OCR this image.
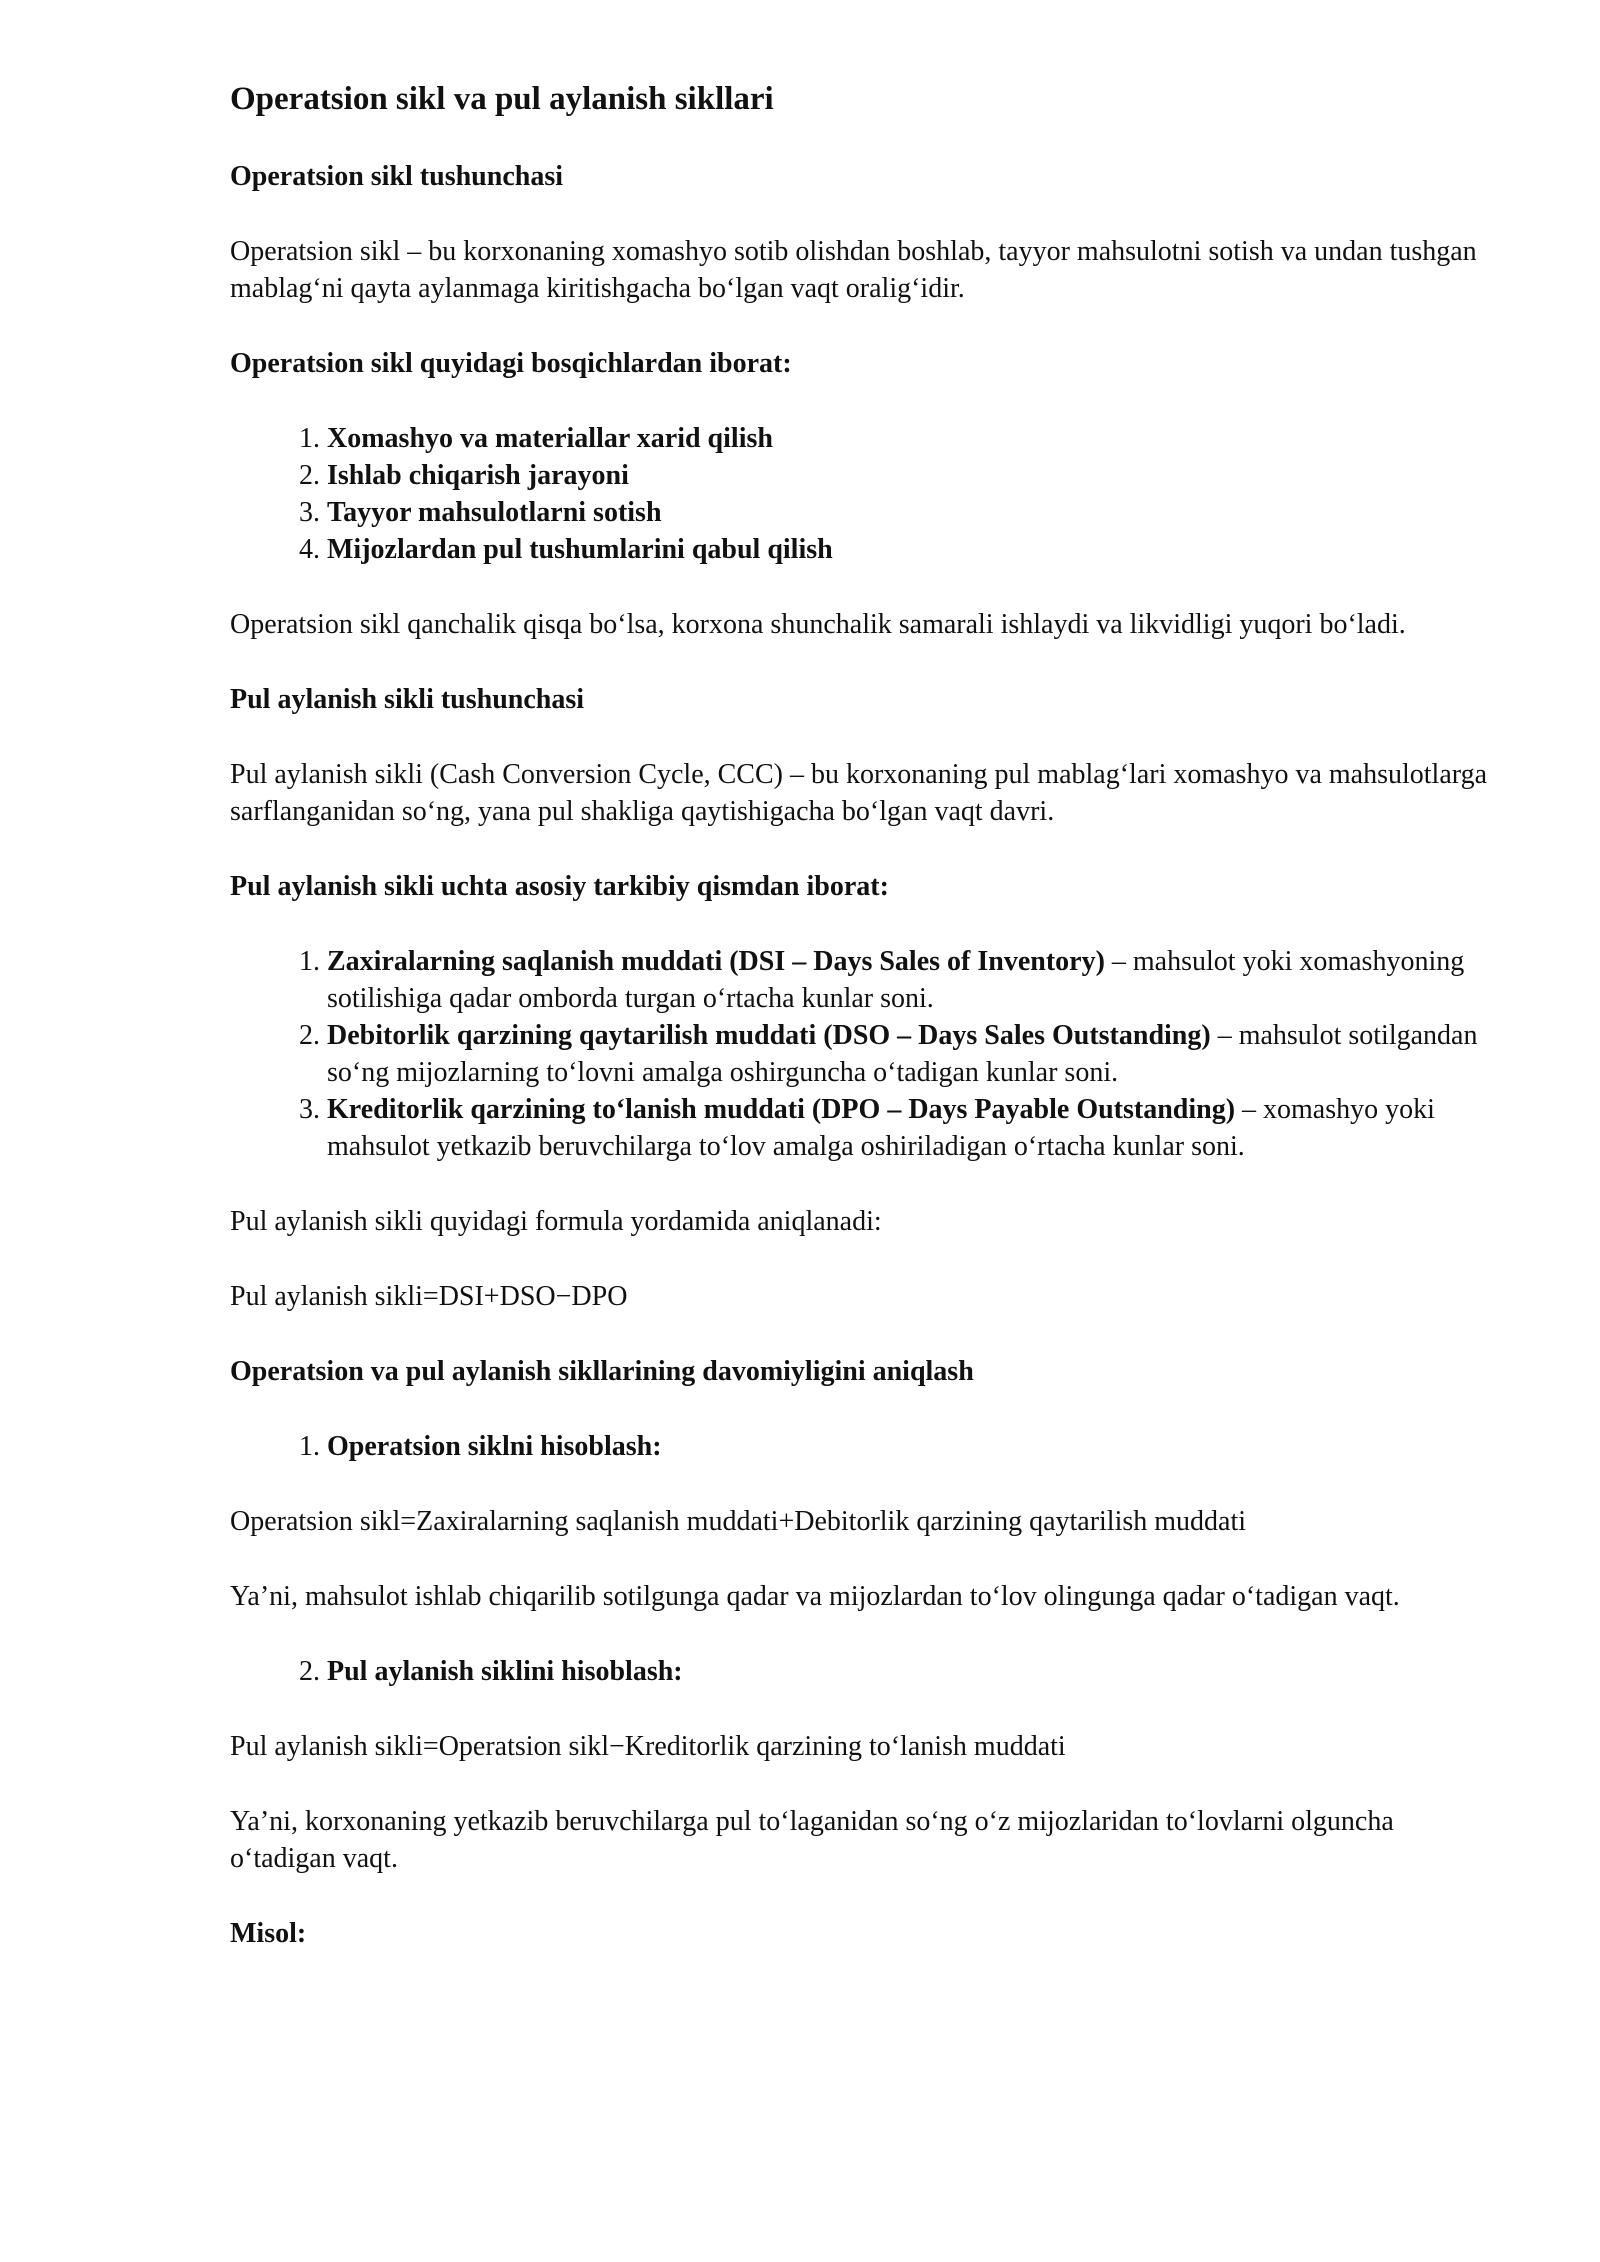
Operatsion sikl va pul aylanish sikllari
Operatsion sikl tushunchasi

Operatsion sikl – bu korxonaning xomashyo sotib olishdan boshlab, tayyor mahsulotni sotish va undan tushgan mablag‘ni qayta aylanmaga kiritishgacha bo‘lgan vaqt oralig‘idir.

Operatsion sikl quyidagi bosqichlardan iborat:
1. Xomashyo va materiallar xarid qilish
2. Ishlab chiqarish jarayoni
3. Tayyor mahsulotlarni sotish
4. Mijozlardan pul tushumlarini qabul qilish

Operatsion sikl qanchalik qisqa bo‘lsa, korxona shunchalik samarali ishlaydi va likvidligi yuqori bo‘ladi.

Pul aylanish sikli tushunchasi

Pul aylanish sikli (Cash Conversion Cycle, CCC) – bu korxonaning pul mablag‘lari xomashyo va mahsulotlarga sarflanganidan so‘ng, yana pul shakliga qaytishigacha bo‘lgan vaqt davri.

Pul aylanish sikli uchta asosiy tarkibiy qismdan iborat:
1. Zaxiralarning saqlanish muddati (DSI – Days Sales of Inventory) – mahsulot yoki xomashyoning sotilishiga qadar omborda turgan o‘rtacha kunlar soni.
2. Debitorlik qarzining qaytarilish muddati (DSO – Days Sales Outstanding) – mahsulot sotilgandan so‘ng mijozlarning to‘lovni amalga oshirguncha o‘tadigan kunlar soni.
3. Kreditorlik qarzining to‘lanish muddati (DPO – Days Payable Outstanding) – xomashyo yoki mahsulot yetkazib beruvchilarga to‘lov amalga oshiriladigan o‘rtacha kunlar soni.

Pul aylanish sikli quyidagi formula yordamida aniqlanadi:

Pul aylanish sikli=DSI+DSO−DPO

Operatsion va pul aylanish sikllarining davomiyligini aniqlash
1. Operatsion siklni hisoblash:

Operatsion sikl=Zaxiralarning saqlanish muddati+Debitorlik qarzining qaytarilish muddati

Ya’ni, mahsulot ishlab chiqarilib sotilgunga qadar va mijozlardan to‘lov olingunga qadar o‘tadigan vaqt.

2. Pul aylanish siklini hisoblash:

Pul aylanish sikli=Operatsion sikl−Kreditorlik qarzining to‘lanish muddati

Ya’ni, korxonaning yetkazib beruvchilarga pul to‘laganidan so‘ng o‘z mijozlaridan to‘lovlarni olguncha o‘tadigan vaqt.

Misol:
